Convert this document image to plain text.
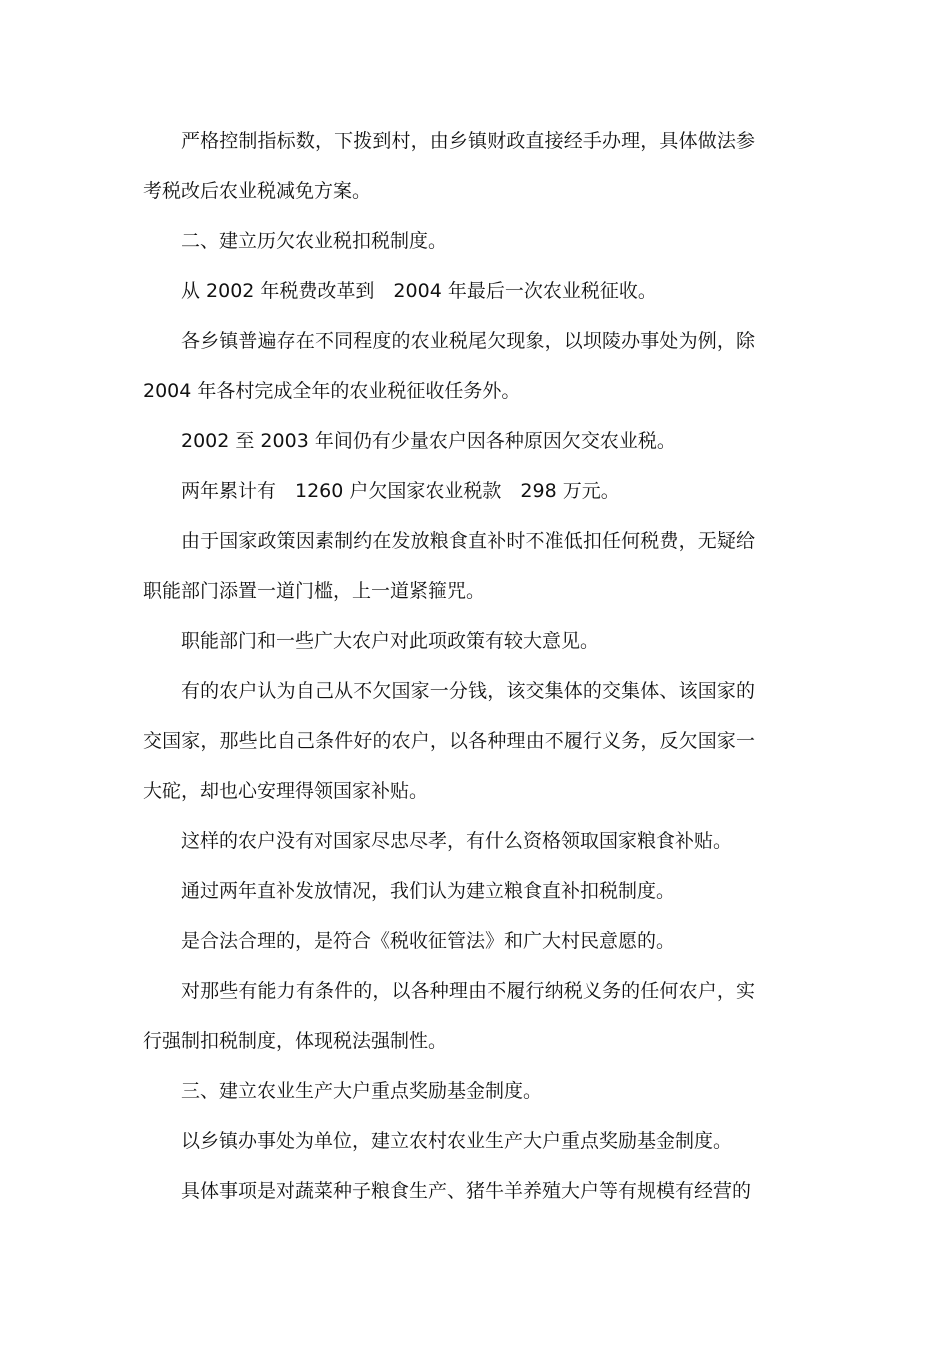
严格控制指标数，下拨到村，由乡镇财政直接经手办理，具体做法参考税改后农业税减免方案。

二、建立历欠农业税扣税制度。

从 2002 年税费改革到　2004 年最后一次农业税征收。

各乡镇普遍存在不同程度的农业税尾欠现象，以坝陵办事处为例，除2004 年各村完成全年的农业税征收任务外。

2002 至 2003 年间仍有少量农户因各种原因欠交农业税。

两年累计有　1260 户欠国家农业税款　298 万元。

由于国家政策因素制约在发放粮食直补时不准低扣任何税费，无疑给职能部门添置一道门槛，上一道紧箍咒。

职能部门和一些广大农户对此项政策有较大意见。

有的农户认为自己从不欠国家一分钱，该交集体的交集体、该国家的交国家，那些比自己条件好的农户，以各种理由不履行义务，反欠国家一大砣，却也心安理得领国家补贴。

这样的农户没有对国家尽忠尽孝，有什么资格领取国家粮食补贴。

通过两年直补发放情况，我们认为建立粮食直补扣税制度。

是合法合理的，是符合《税收征管法》和广大村民意愿的。

对那些有能力有条件的，以各种理由不履行纳税义务的任何农户，实行强制扣税制度，体现税法强制性。

三、建立农业生产大户重点奖励基金制度。

以乡镇办事处为单位，建立农村农业生产大户重点奖励基金制度。

具体事项是对蔬菜种子粮食生产、猪牛羊养殖大户等有规模有经营的
